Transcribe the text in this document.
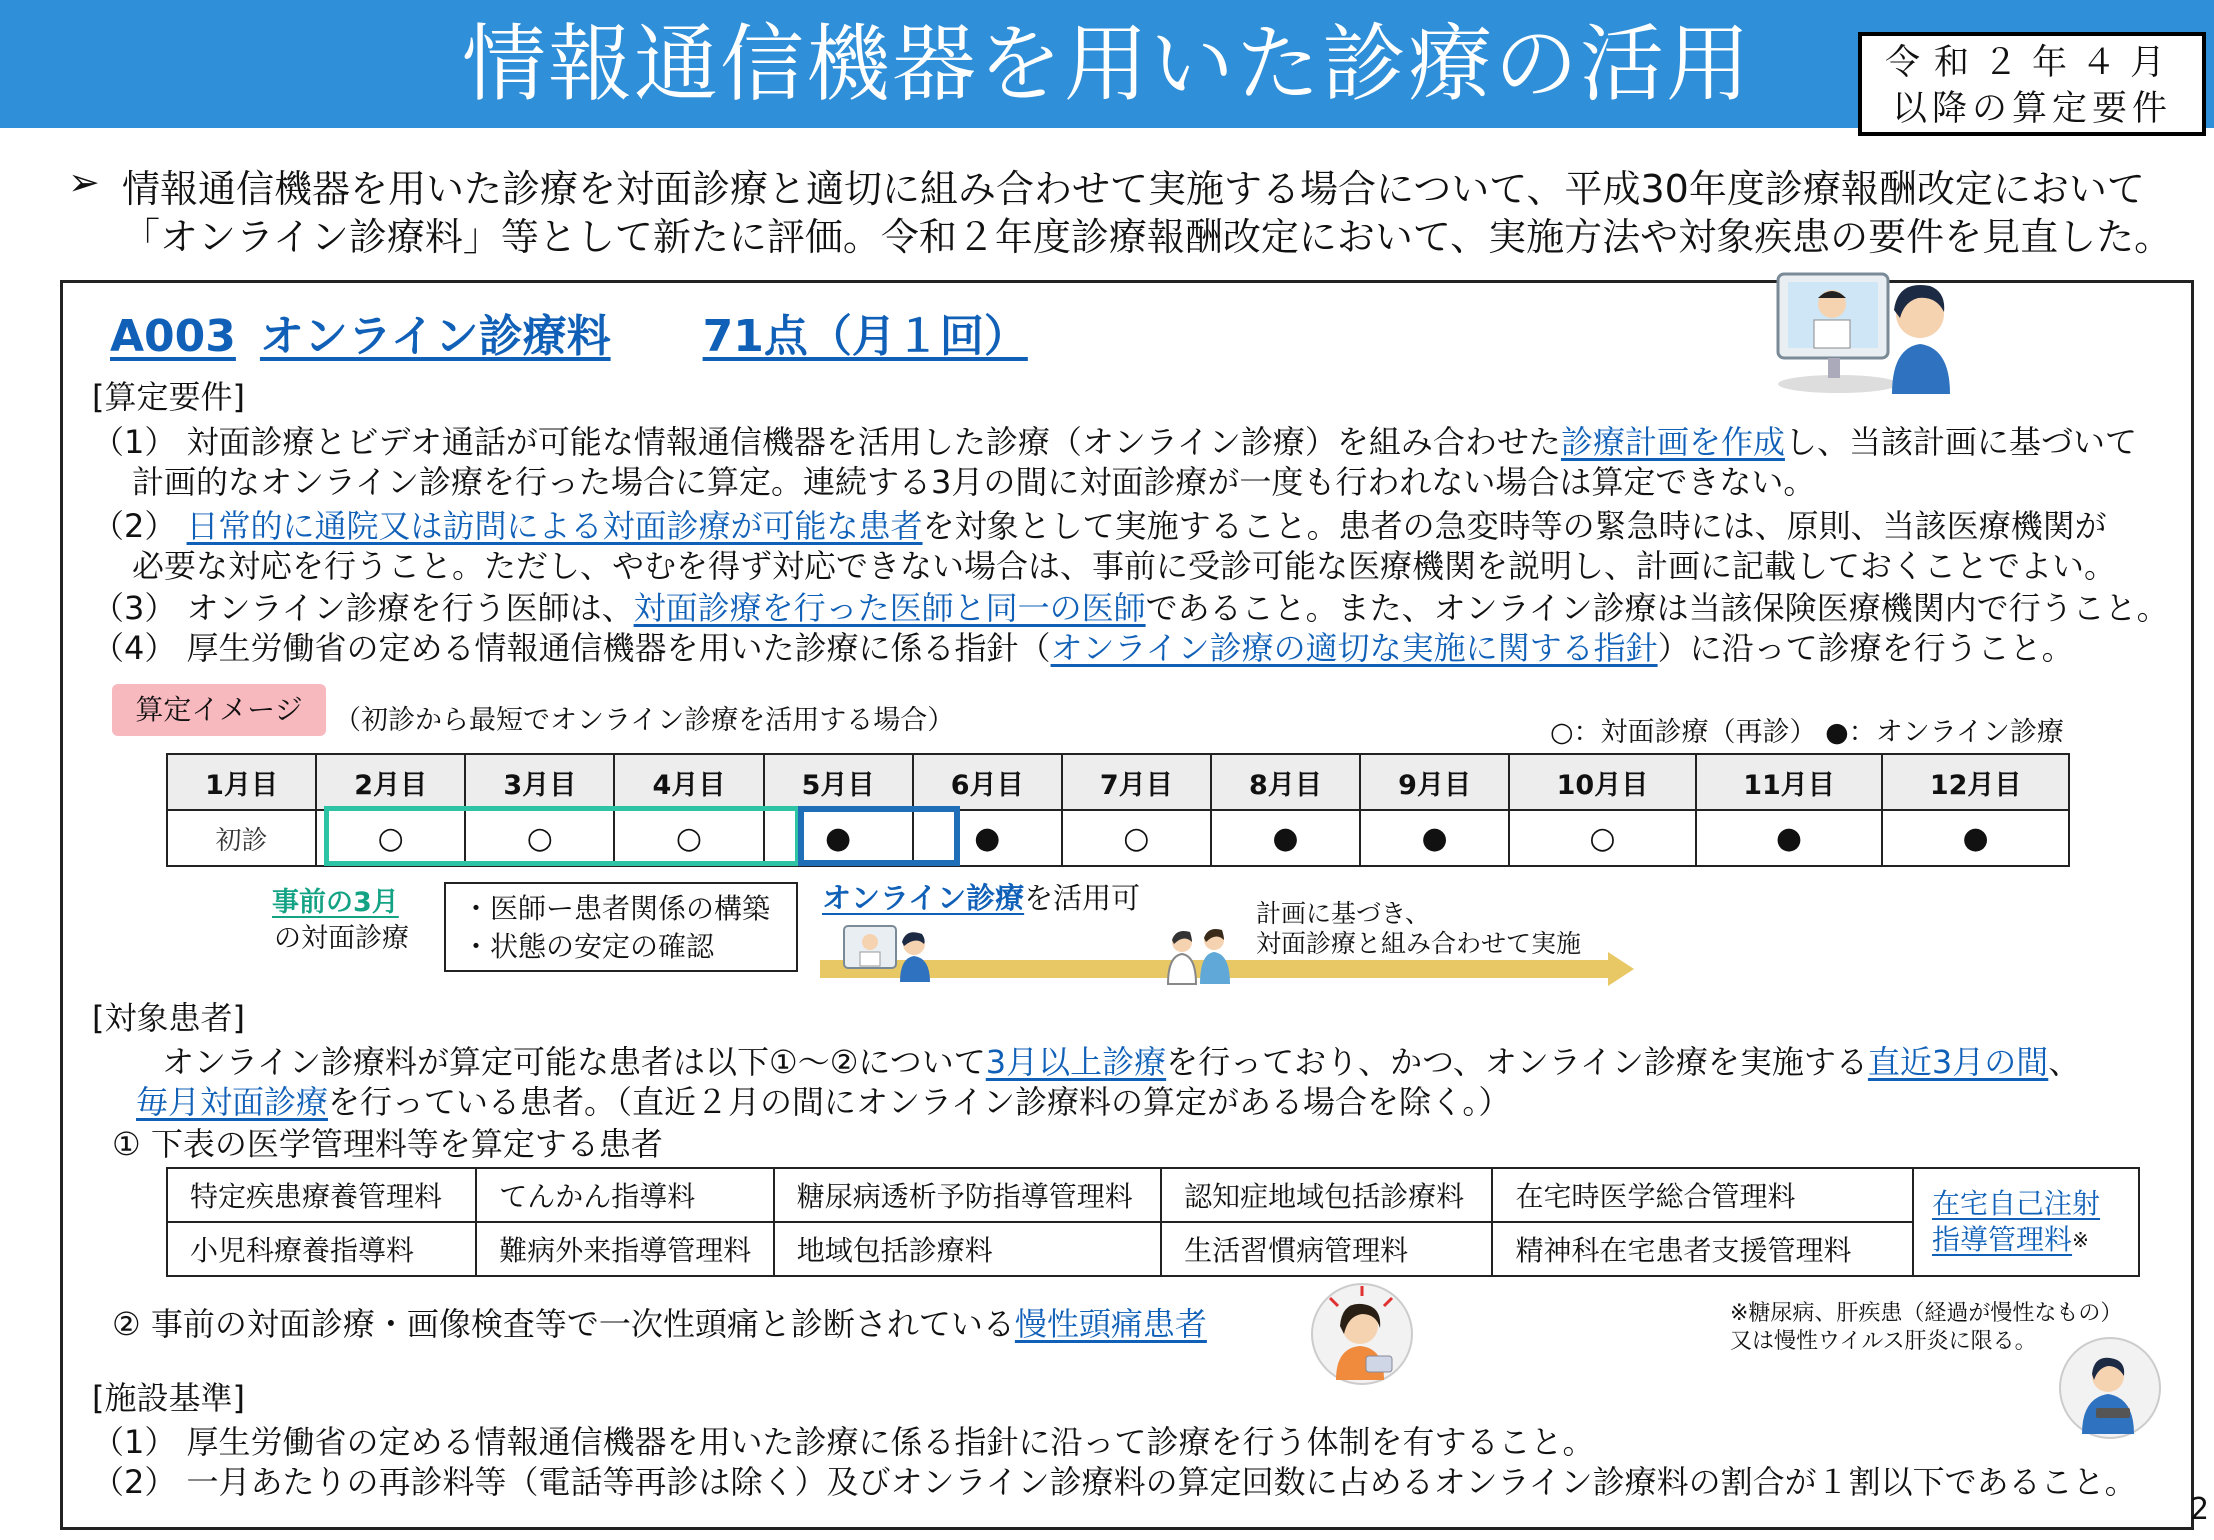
情報通信機器を用いた診療の活用	令和２年４月
以降の算定要件
➢ 情報通信機器を用いた診療を対面診療と適切に組み合わせて実施する場合について、平成30年度診療報酬改定において
「オンライン診療料」等として新たに評価。令和２年度診療報酬改定において、実施方法や対象疾患の要件を見直した。
A003 オンライン診療料 71点（月１回）
[算定要件]
（1） 対面診療とビデオ通話が可能な情報通信機器を活用した診療（オンライン診療）を組み合わせた診療計画を作成し、当該計画に基づいて
計画的なオンライン診療を行った場合に算定。連続する3月の間に対面診療が一度も行われない場合は算定できない。
（2） 日常的に通院又は訪問による対面診療が可能な患者を対象として実施すること。患者の急変時等の緊急時には、原則、当該医療機関が
必要な対応を行うこと。ただし、やむを得ず対応できない場合は、事前に受診可能な医療機関を説明し、計画に記載しておくことでよい。
（3） オンライン診療を行う医師は、対面診療を行った医師と同一の医師であること。また、オンライン診療は当該保険医療機関内で行うこと。
（4） 厚生労働省の定める情報通信機器を用いた診療に係る指針（オンライン診療の適切な実施に関する指針）に沿って診療を行うこと。
算定イメージ	（初診から最短でオンライン診療を活用する場合）	○：対面診療（再診） ●：オンライン診療
1月目	2月目	3月目	4月目	5月目	6月目	7月目	8月目	9月目	10月目	11月目	12月目
初診	○	○	○	●	●	○	●	●	○	●	●
事前の3月
の対面診療
・医師ー患者関係の構築
・状態の安定の確認
オンライン診療を活用可	計画に基づき、
対面診療と組み合わせて実施
[対象患者]
オンライン診療料が算定可能な患者は以下①～②について3月以上診療を行っており、かつ、オンライン診療を実施する直近3月の間、
毎月対面診療を行っている患者。（直近２月の間にオンライン診療料の算定がある場合を除く。）
① 下表の医学管理料等を算定する患者
特定疾患療養管理料	てんかん指導料	糖尿病透析予防指導管理料	認知症地域包括診療料	在宅時医学総合管理料	在宅自己注射
指導管理料※
小児科療養指導料	難病外来指導管理料	地域包括診療料	生活習慣病管理料	精神科在宅患者支援管理料	
② 事前の対面診療・画像検査等で一次性頭痛と診断されている慢性頭痛患者	※糖尿病、肝疾患（経過が慢性なもの）
又は慢性ウイルス肝炎に限る。
[施設基準]
（1） 厚生労働省の定める情報通信機器を用いた診療に係る指針に沿って診療を行う体制を有すること。
（2） 一月あたりの再診料等（電話等再診は除く）及びオンライン診療料の算定回数に占めるオンライン診療料の割合が１割以下であること。
2
